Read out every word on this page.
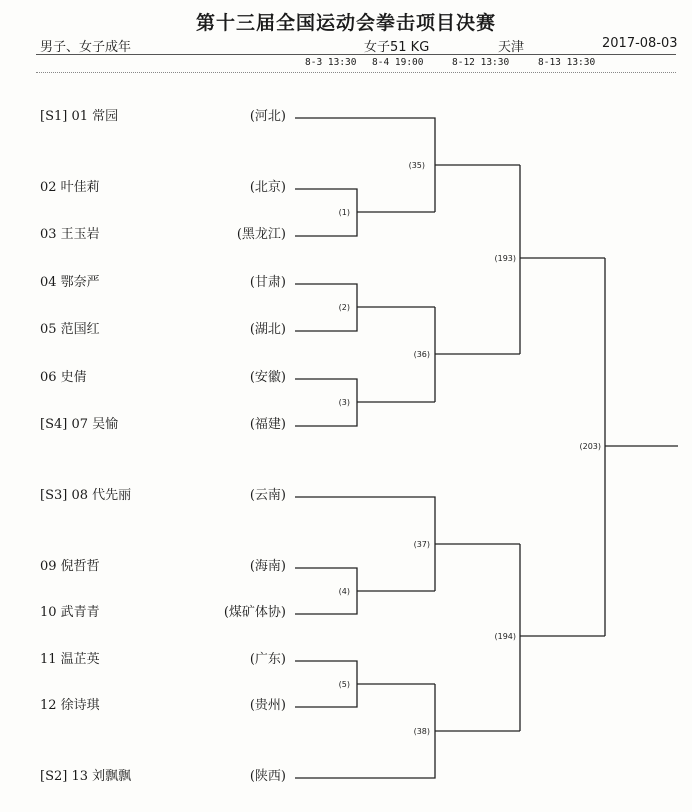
第十三届全国运动会拳击项目决赛
男子、女子成年	女子51 KG	天津	2017-08-03
8-3 13:30 8-4 19:00	8-12 13:30	8-13 13:30
[S1] 01 常园	(河北)
02 叶佳莉	(北京)
03 王玉岩	(黑龙江)
04 鄂奈严	(甘肃)
05 范国红	(湖北)
06 史倩	(安徽)
[S4] 07 吴愉	(福建)
[S3] 08 代先丽	(云南)
09 倪哲哲	(海南)
10 武青青	(煤矿体协)
11 温芷英	(广东)
12 徐诗琪	(贵州)
[S2] 13 刘飘飘	(陕西)
(35)
(1)
(2)
(36)
(3)
(193)
(203)
(37)
(4)
(194)
(5)
(38)
